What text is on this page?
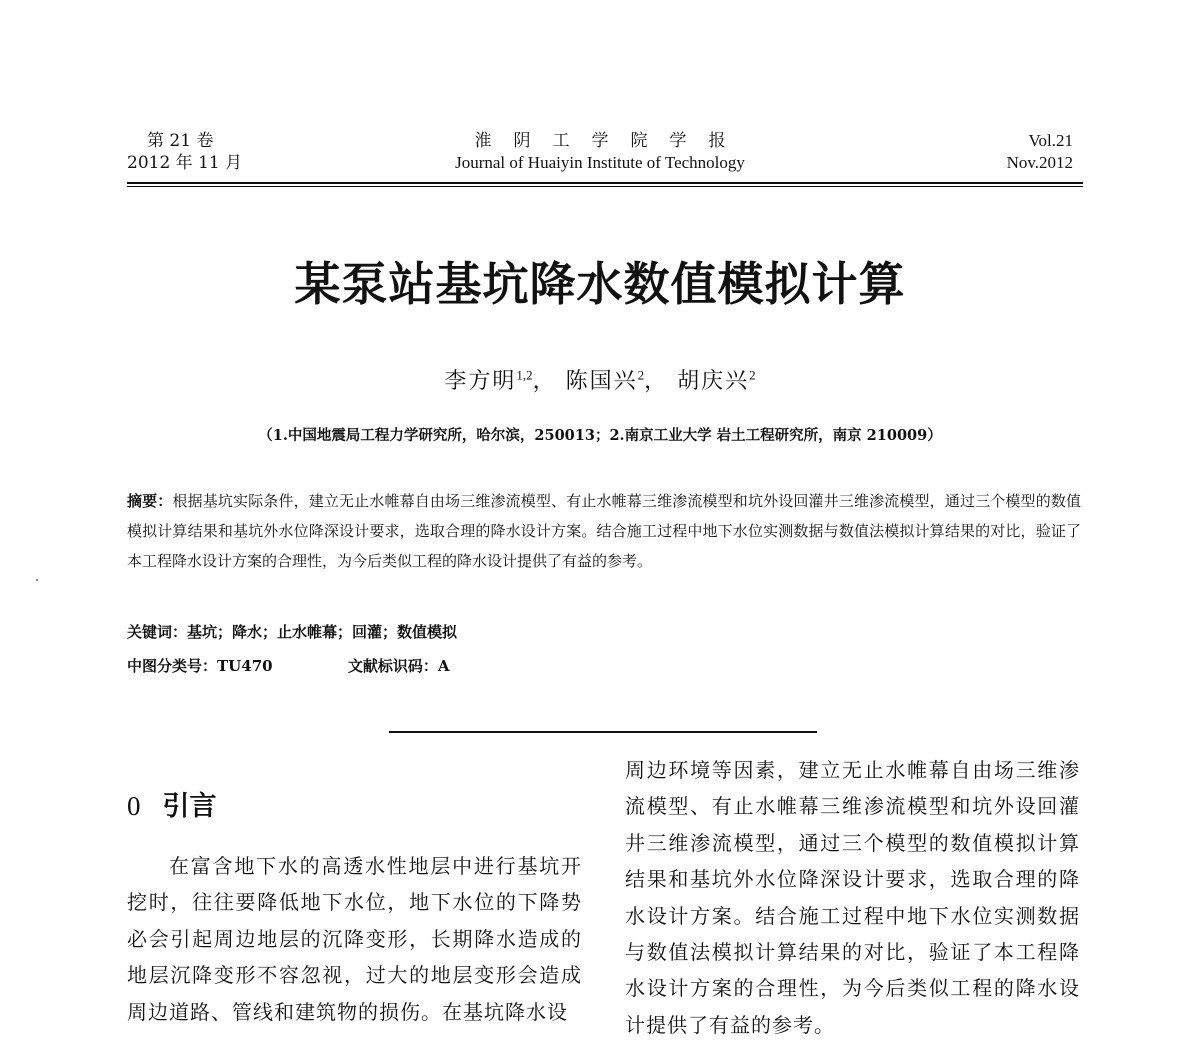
第 21 卷
2012 年 11 月
淮阴工学院学报
Journal of Huaiyin Institute of Technology
Vol.21
Nov.2012
某泵站基坑降水数值模拟计算
李方明$^{1,2}$， 陈国兴$^2$， 胡庆兴$^2$
（1.中国地震局工程力学研究所，哈尔滨，250013；2.南京工业大学 岩土工程研究所，南京 210009）
摘要：根据基坑实际条件，建立无止水帷幕自由场三维渗流模型、有止水帷幕三维渗流模型和坑外设回灌井三维渗流模型，通过三个模型的数值模拟计算结果和基坑外水位降深设计要求，选取合理的降水设计方案。结合施工过程中地下水位实测数据与数值法模拟计算结果的对比，验证了本工程降水设计方案的合理性，为今后类似工程的降水设计提供了有益的参考。
关键词：基坑；降水；止水帷幕；回灌；数值模拟
中图分类号：TU470	文献标识码：A
0 引言
在富含地下水的高透水性地层中进行基坑开挖时，往往要降低地下水位，地下水位的下降势必会引起周边地层的沉降变形，长期降水造成的地层沉降变形不容忽视，过大的地层变形会造成周边道路、管线和建筑物的损伤。在基坑降水设
周边环境等因素，建立无止水帷幕自由场三维渗流模型、有止水帷幕三维渗流模型和坑外设回灌井三维渗流模型，通过三个模型的数值模拟计算结果和基坑外水位降深设计要求，选取合理的降水设计方案。结合施工过程中地下水位实测数据与数值法模拟计算结果的对比，验证了本工程降水设计方案的合理性，为今后类似工程的降水设计提供了有益的参考。
